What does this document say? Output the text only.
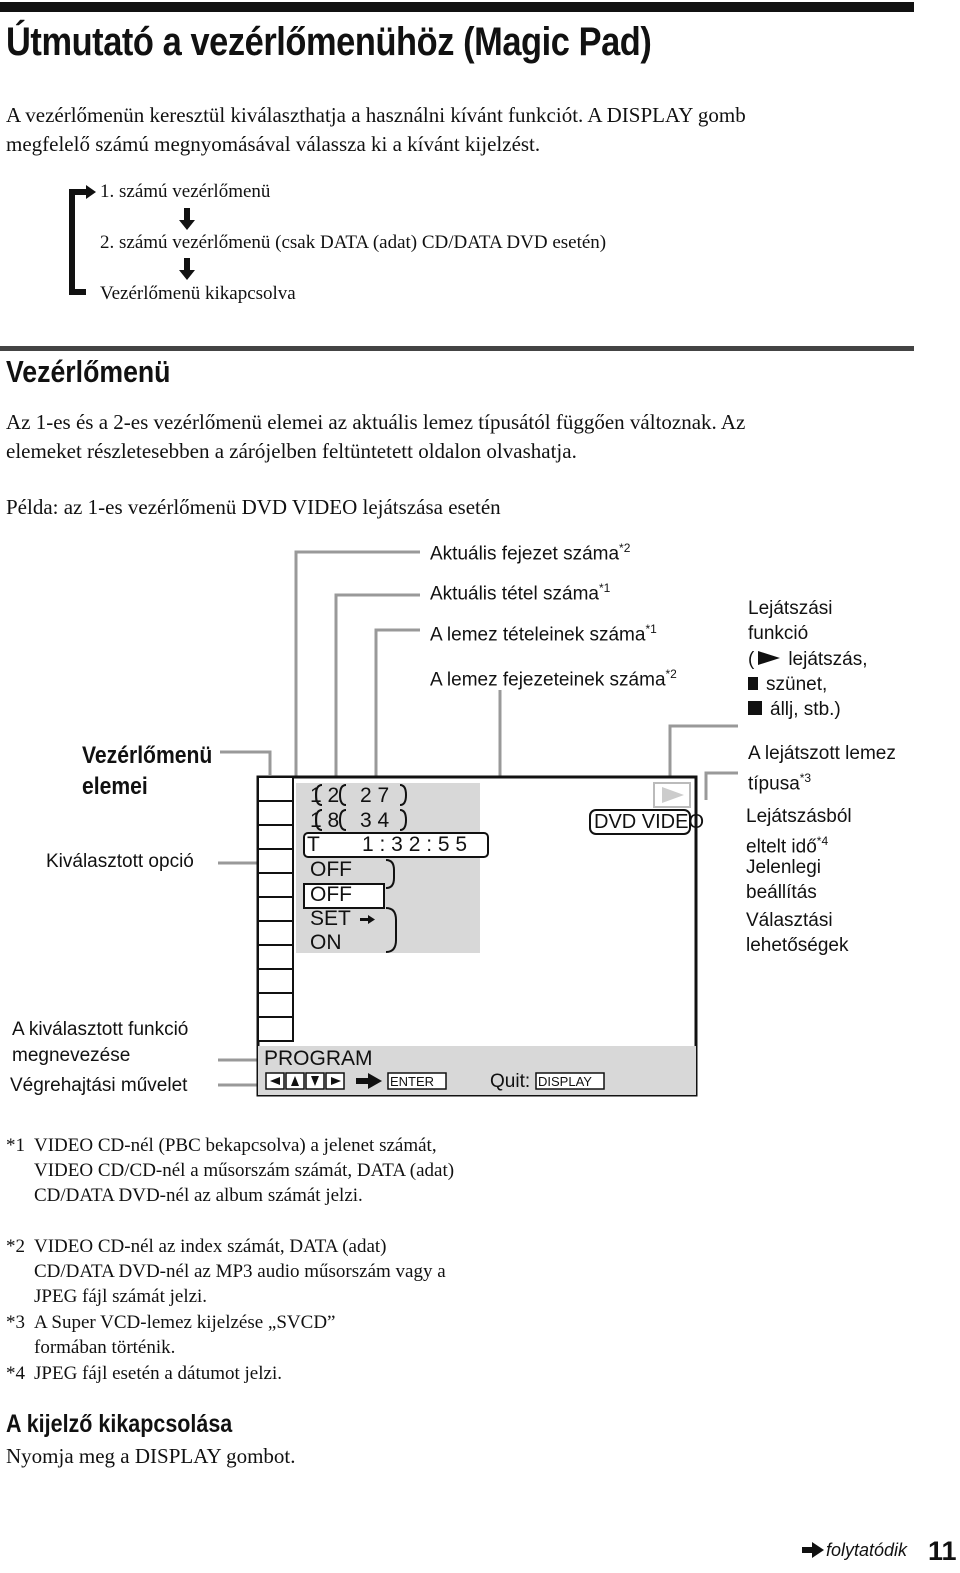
Útmutató a vezérlőmenühöz (Magic Pad)
A vezérlőmenün keresztül kiválaszthatja a használni kívánt funkciót. A DISPLAY gomb
megfelelő számú megnyomásával válassza ki a kívánt kijelzést.
1. számú vezérlőmenü
2. számú vezérlőmenü (csak DATA (adat) CD/DATA DVD esetén)
Vezérlőmenü kikapcsolva
Vezérlőmenü
Az 1-es és a 2-es vezérlőmenü elemei az aktuális lemez típusától függően változnak. Az
elemeket részletesebben a zárójelben feltüntetett oldalon olvashatja.
Példa: az 1-es vezérlőmenü DVD VIDEO lejátszása esetén
1 2 2 7
1 8 3 4
T 1 : 3 2 : 5 5
OFF
OFF
SET
ON
DVD VIDEO
PROGRAM
ENTER	Quit: DISPLAY
Aktuális fejezet száma$^{*2}$
Aktuális tétel száma$^{*1}$
A lemez tételeinek száma$^{*1}$
A lemez fejezeteinek száma$^{*2}$
Lejátszási
funkció
( lejátszás,
szünet,
állj, stb.)
A lejátszott lemez
típusa$^{*3}$
Lejátszásból
eltelt idő$^{*4}$
Jelenlegi
beállítás
Választási
lehetőségek
Vezérlőmenü
elemei
Kiválasztott opció
A kiválasztott funkció
megnevezése
Végrehajtási művelet
*1 VIDEO CD-nél (PBC bekapcsolva) a jelenet számát, VIDEO CD/CD-nél a műsorszám számát, DATA (adat) CD/DATA DVD-nél az album számát jelzi.
*2 VIDEO CD-nél az index számát, DATA (adat) CD/DATA DVD-nél az MP3 audio műsorszám vagy a JPEG fájl számát jelzi.
*3 A Super VCD-lemez kijelzése „SVCD” formában történik.
*4 JPEG fájl esetén a dátumot jelzi.
A kijelző kikapcsolása
Nyomja meg a DISPLAY gombot.
folytatódik 11
